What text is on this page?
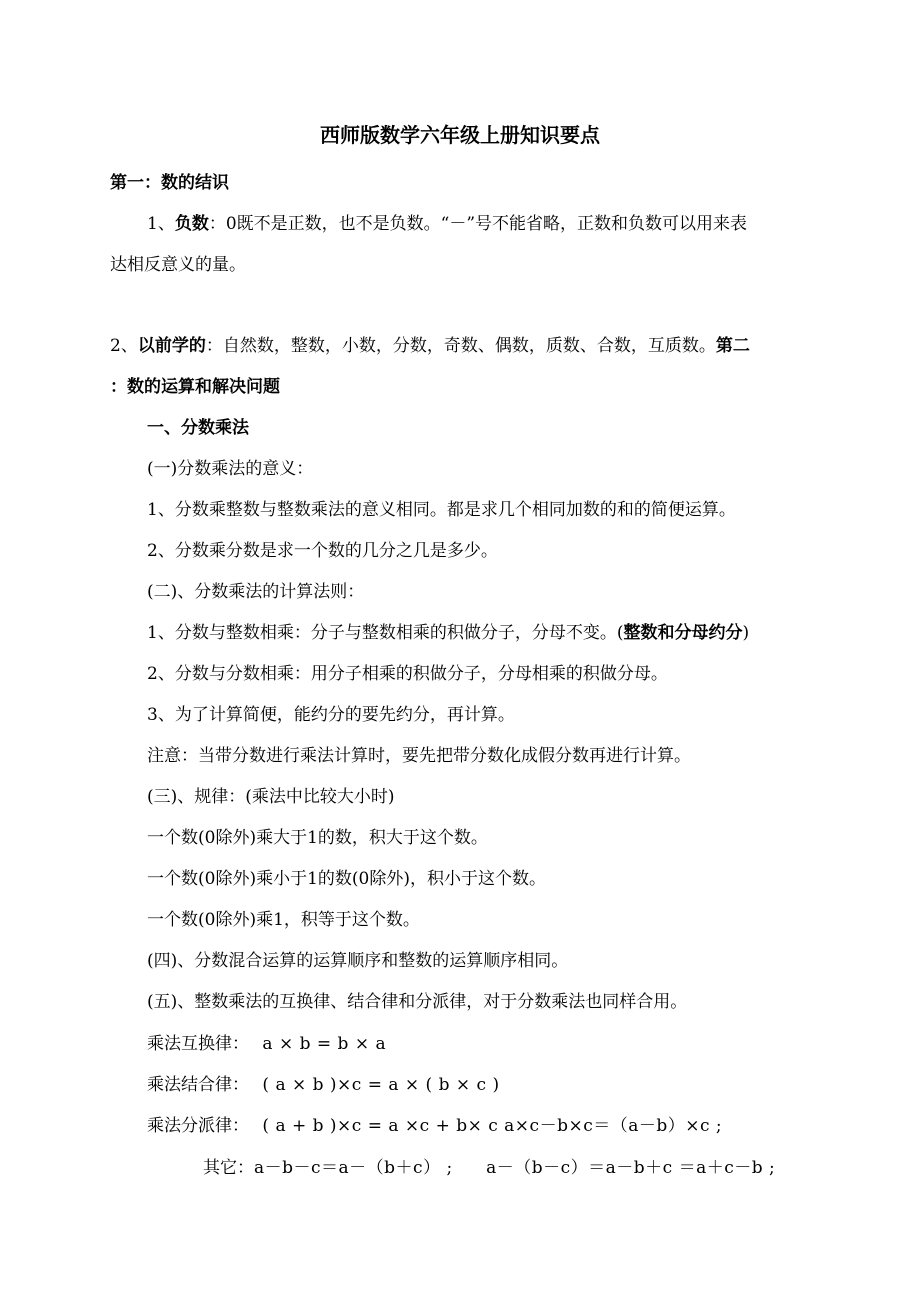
西师版数学六年级上册知识要点
第一：数的结识
1、负数：0既不是正数，也不是负数。“－”号不能省略，正数和负数可以用来表
达相反意义的量。
2、以前学的：自然数，整数，小数，分数，奇数、偶数，质数、合数，互质数。第二
：数的运算和解决问题
一、分数乘法
(一)分数乘法的意义：
1、分数乘整数与整数乘法的意义相同。都是求几个相同加数的和的简便运算。
2、分数乘分数是求一个数的几分之几是多少。
(二)、分数乘法的计算法则：
1、分数与整数相乘：分子与整数相乘的积做分子，分母不变。(整数和分母约分)
2、分数与分数相乘：用分子相乘的积做分子，分母相乘的积做分母。
3、为了计算简便，能约分的要先约分，再计算。
注意：当带分数进行乘法计算时，要先把带分数化成假分数再进行计算。
(三)、规律：(乘法中比较大小时)
一个数(0除外)乘大于1的数，积大于这个数。
一个数(0除外)乘小于1的数(0除外)，积小于这个数。
一个数(0除外)乘1，积等于这个数。
(四)、分数混合运算的运算顺序和整数的运算顺序相同。
(五)、整数乘法的互换律、结合律和分派律，对于分数乘法也同样合用。
乘法互换律： a × b = b × a
乘法结合律： ( a × b )×c = a × ( b × c )
乘法分派律： ( a + b )×c = a ×c + b× c a×c－b×c＝（a－b）×c ;
其它：a－b－c＝a－（b＋c） ; a－（b－c）＝a－b＋c ＝a＋c－b ;
